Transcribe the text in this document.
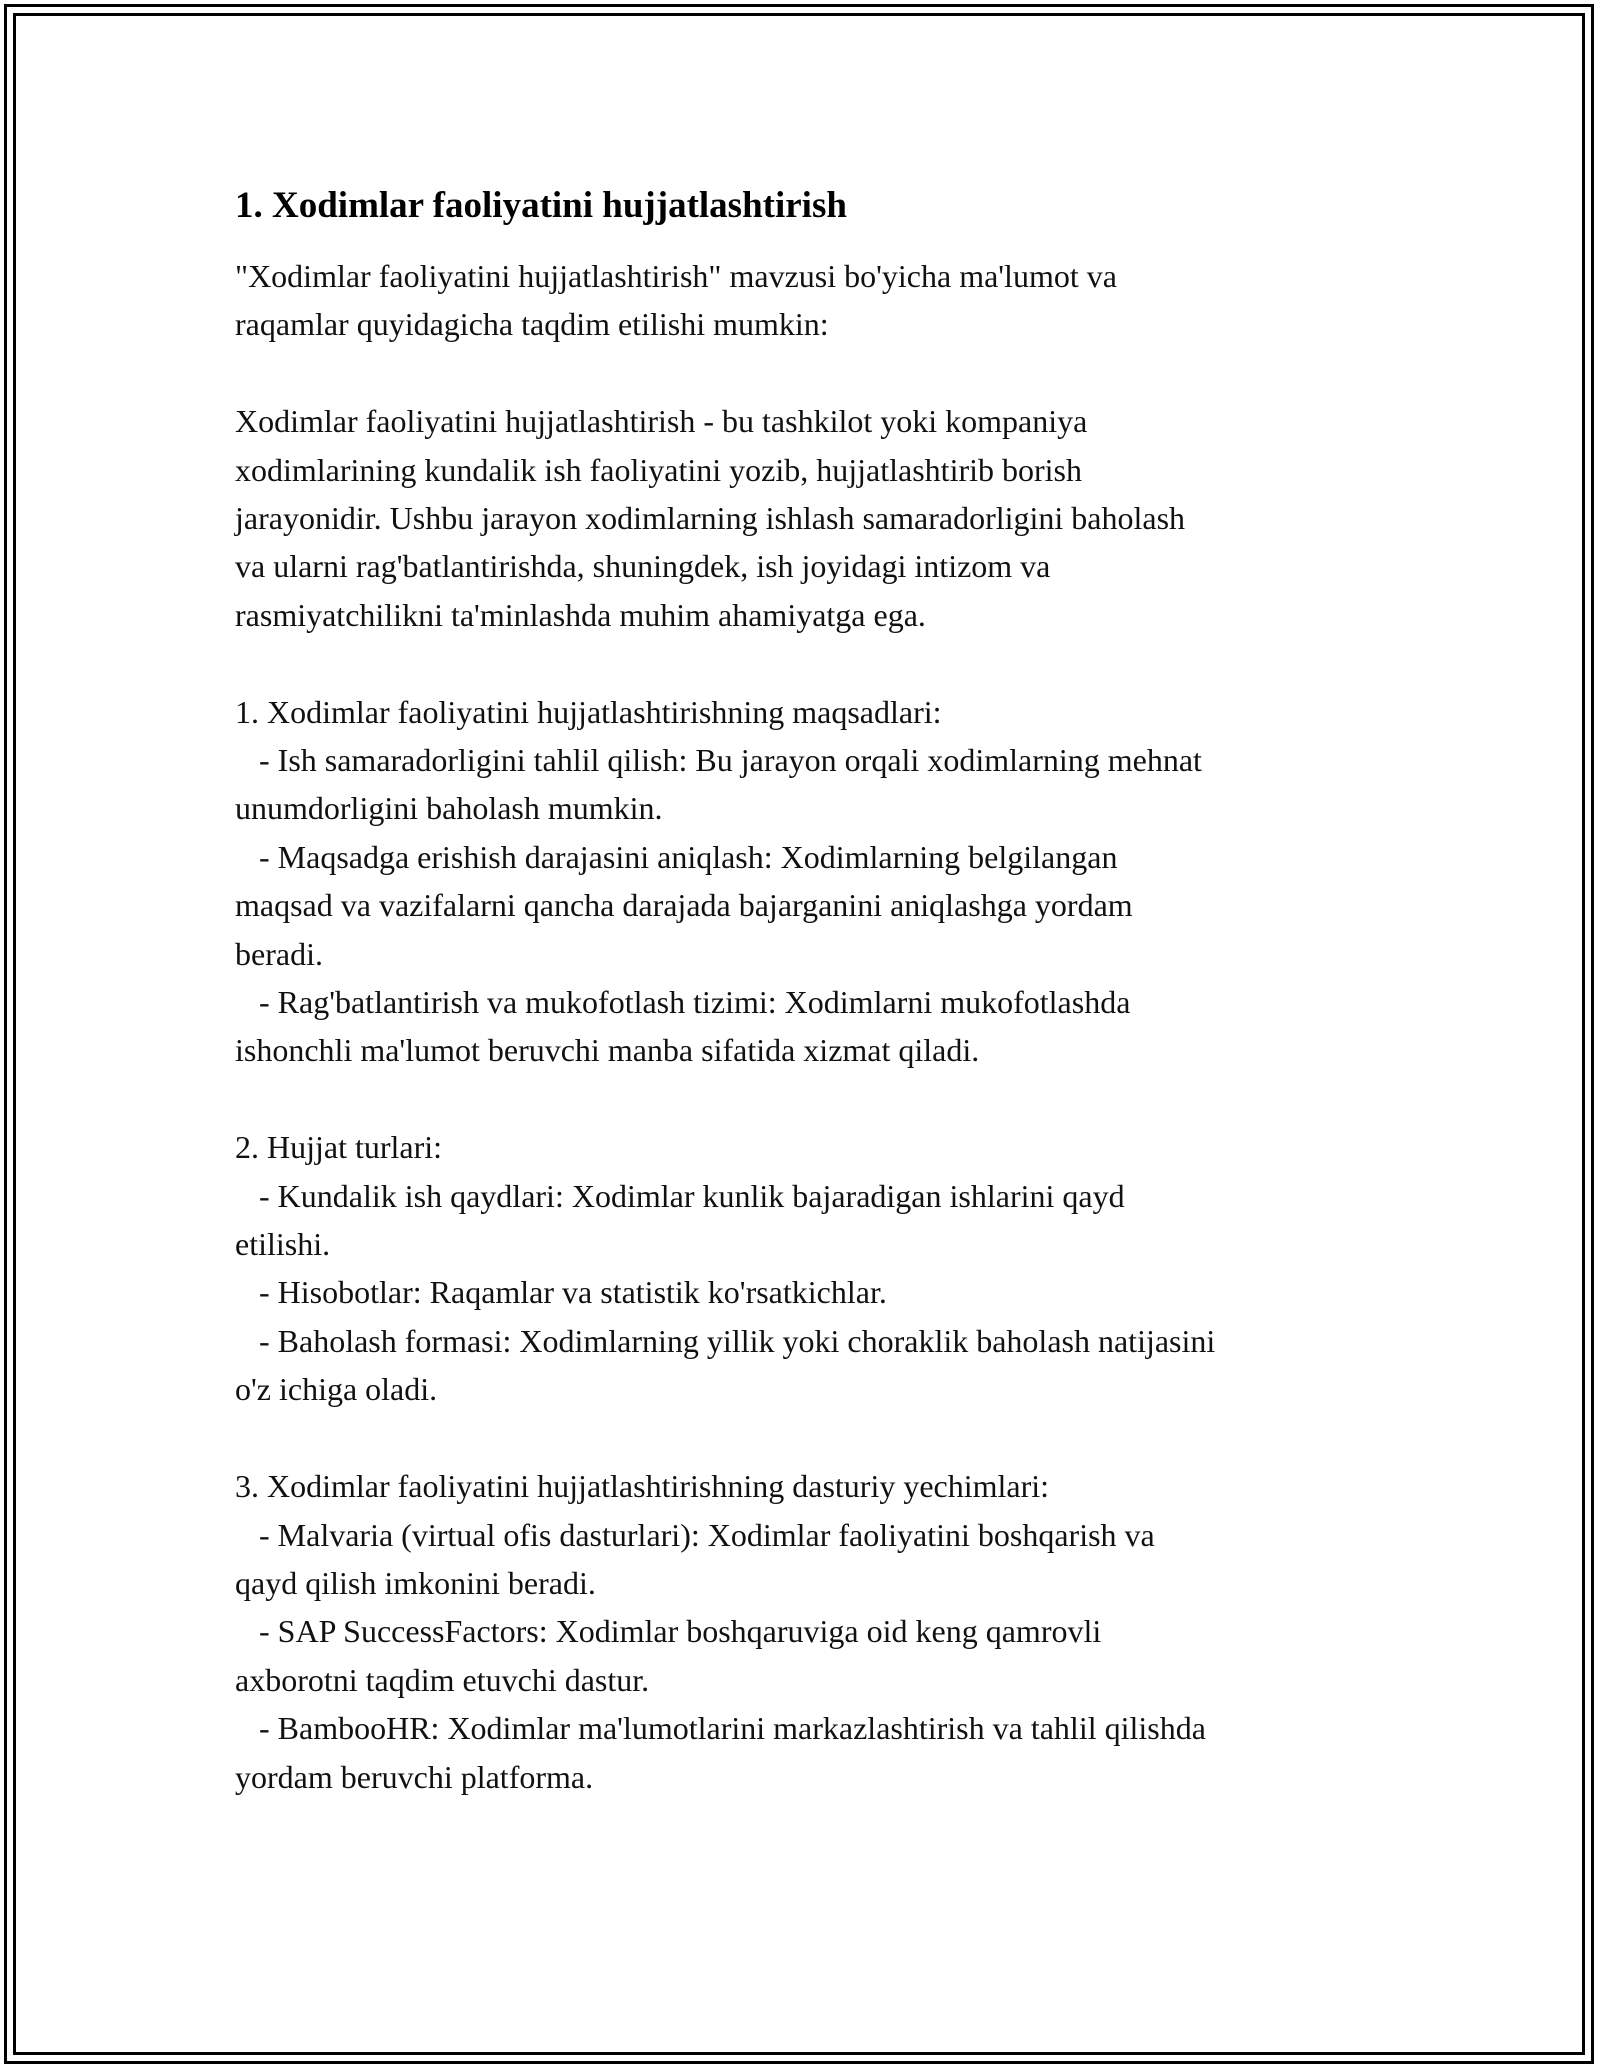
1. Xodimlar faoliyatini hujjatlashtirish
"Xodimlar faoliyatini hujjatlashtirish" mavzusi bo'yicha ma'lumot va
raqamlar quyidagicha taqdim etilishi mumkin:
Xodimlar faoliyatini hujjatlashtirish - bu tashkilot yoki kompaniya
xodimlarining kundalik ish faoliyatini yozib, hujjatlashtirib borish
jarayonidir. Ushbu jarayon xodimlarning ishlash samaradorligini baholash
va ularni rag'batlantirishda, shuningdek, ish joyidagi intizom va
rasmiyatchilikni ta'minlashda muhim ahamiyatga ega.
1. Xodimlar faoliyatini hujjatlashtirishning maqsadlari:
- Ish samaradorligini tahlil qilish: Bu jarayon orqali xodimlarning mehnat
unumdorligini baholash mumkin.
- Maqsadga erishish darajasini aniqlash: Xodimlarning belgilangan
maqsad va vazifalarni qancha darajada bajarganini aniqlashga yordam
beradi.
- Rag'batlantirish va mukofotlash tizimi: Xodimlarni mukofotlashda
ishonchli ma'lumot beruvchi manba sifatida xizmat qiladi.
2. Hujjat turlari:
- Kundalik ish qaydlari: Xodimlar kunlik bajaradigan ishlarini qayd
etilishi.
- Hisobotlar: Raqamlar va statistik ko'rsatkichlar.
- Baholash formasi: Xodimlarning yillik yoki choraklik baholash natijasini
o'z ichiga oladi.
3. Xodimlar faoliyatini hujjatlashtirishning dasturiy yechimlari:
- Malvaria (virtual ofis dasturlari): Xodimlar faoliyatini boshqarish va
qayd qilish imkonini beradi.
- SAP SuccessFactors: Xodimlar boshqaruviga oid keng qamrovli
axborotni taqdim etuvchi dastur.
- BambooHR: Xodimlar ma'lumotlarini markazlashtirish va tahlil qilishda
yordam beruvchi platforma.
